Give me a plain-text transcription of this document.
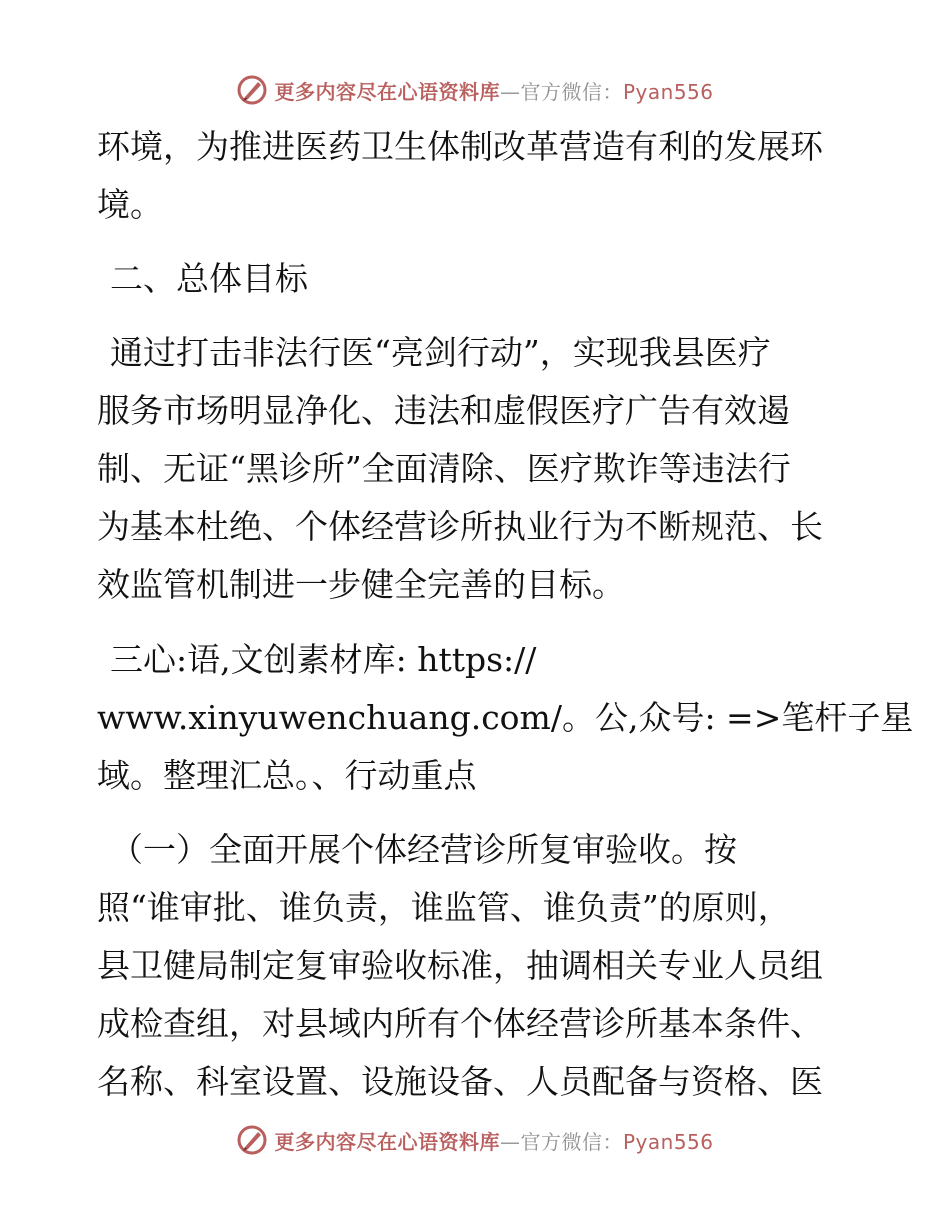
更多内容尽在心语资料库—官方微信：Pyan556
环境，为推进医药卫生体制改革营造有利的发展环
境。
二、总体目标
通过打击非法行医“亮剑行动”，实现我县医疗
服务市场明显净化、违法和虚假医疗广告有效遏
制、无证“黑诊所”全面清除、医疗欺诈等违法行
为基本杜绝、个体经营诊所执业行为不断规范、长
效监管机制进一步健全完善的目标。
三心:语,文创素材库: https://
www.xinyuwenchuang.com/。公,众号: =>笔杆子星
域。整理汇总。、行动重点
（一）全面开展个体经营诊所复审验收。按
照“谁审批、谁负责，谁监管、谁负责”的原则，
县卫健局制定复审验收标准，抽调相关专业人员组
成检查组，对县域内所有个体经营诊所基本条件、
名称、科室设置、设施设备、人员配备与资格、医
更多内容尽在心语资料库—官方微信：Pyan556
